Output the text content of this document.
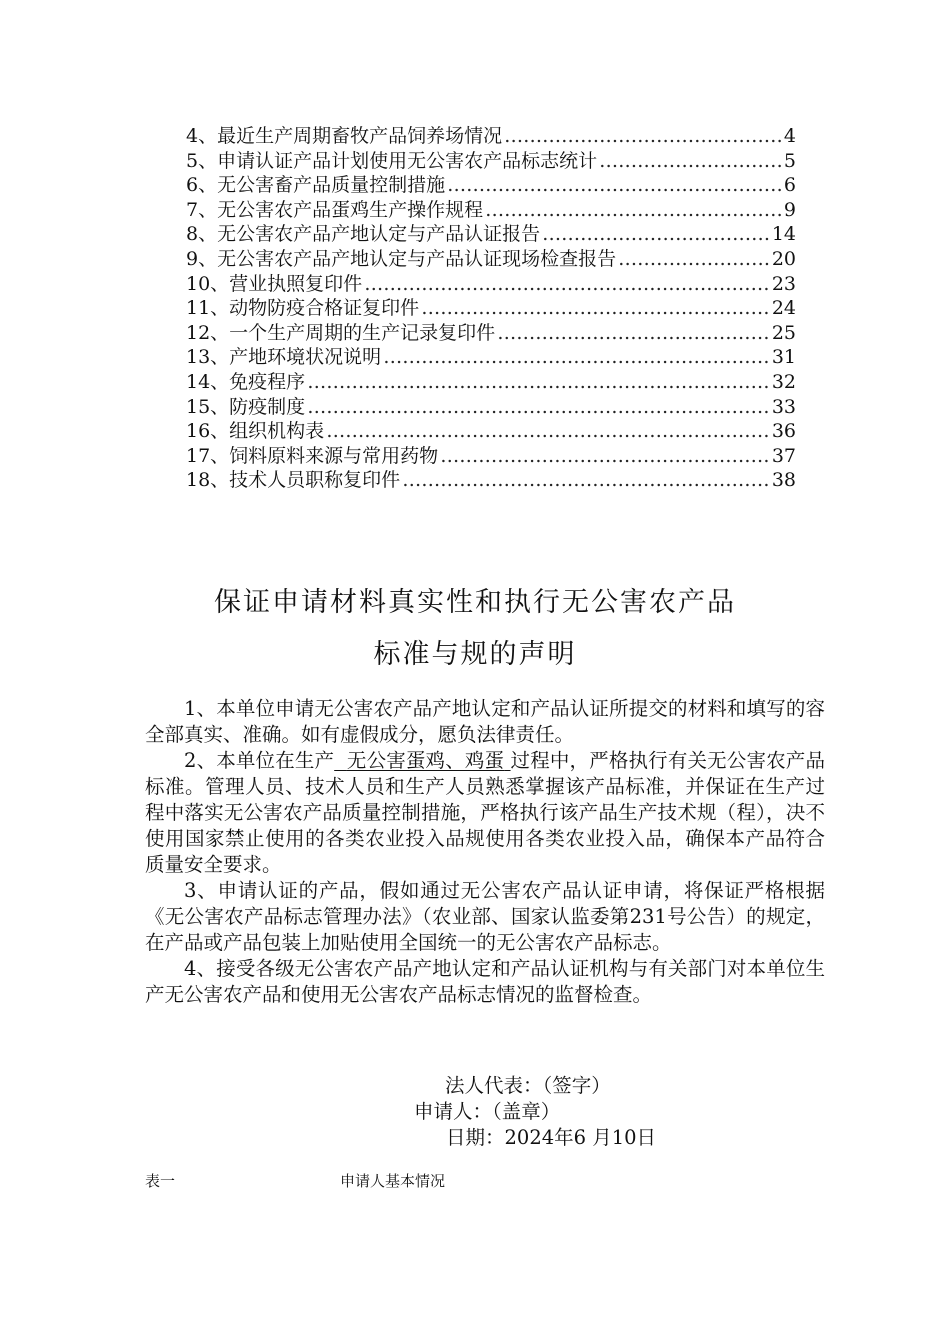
4、最近生产周期畜牧产品饲养场情况 ……………………………………………………………………………………………………………………………………………………………………	4
5、申请认证产品计划使用无公害农产品标志统计 ……………………………………………………………………………………………………………………………………………………………………	5
6、无公害畜产品质量控制措施 ……………………………………………………………………………………………………………………………………………………………………	6
7、无公害农产品蛋鸡生产操作规程 ……………………………………………………………………………………………………………………………………………………………………	9
8、无公害农产品产地认定与产品认证报告 ……………………………………………………………………………………………………………………………………………………………………	14
9、无公害农产品产地认定与产品认证现场检查报告 ……………………………………………………………………………………………………………………………………………………………………	20
10、营业执照复印件 ……………………………………………………………………………………………………………………………………………………………………	23
11、动物防疫合格证复印件 ……………………………………………………………………………………………………………………………………………………………………	24
12、一个生产周期的生产记录复印件 ……………………………………………………………………………………………………………………………………………………………………	25
13、产地环境状况说明 ……………………………………………………………………………………………………………………………………………………………………	31
14、免疫程序 ……………………………………………………………………………………………………………………………………………………………………	32
15、防疫制度 ……………………………………………………………………………………………………………………………………………………………………	33
16、组织机构表 ……………………………………………………………………………………………………………………………………………………………………	36
17、饲料原料来源与常用药物 ……………………………………………………………………………………………………………………………………………………………………	37
18、技术人员职称复印件 ……………………………………………………………………………………………………………………………………………………………………	38
保证申请材料真实性和执行无公害农产品
标准与规的声明

1、本单位申请无公害农产品产地认定和产品认证所提交的材料和填写的容全部真实、准确。如有虚假成分，愿负法律责任。

2、本单位在生产 无公害蛋鸡、鸡蛋 过程中，严格执行有关无公害农产品标准。管理人员、技术人员和生产人员熟悉掌握该产品标准，并保证在生产过程中落实无公害农产品质量控制措施，严格执行该产品生产技术规（程），决不使用国家禁止使用的各类农业投入品规使用各类农业投入品，确保本产品符合质量安全要求。

3、申请认证的产品，假如通过无公害农产品认证申请，将保证严格根据《无公害农产品标志管理办法》（农业部、国家认监委第231号公告）的规定，在产品或产品包装上加贴使用全国统一的无公害农产品标志。

4、接受各级无公害农产品产地认定和产品认证机构与有关部门对本单位生产无公害农产品和使用无公害农产品标志情况的监督检查。

法人代表：（签字）
申请人：（盖章）
日期：2024年6 月10日
表一	申请人基本情况
